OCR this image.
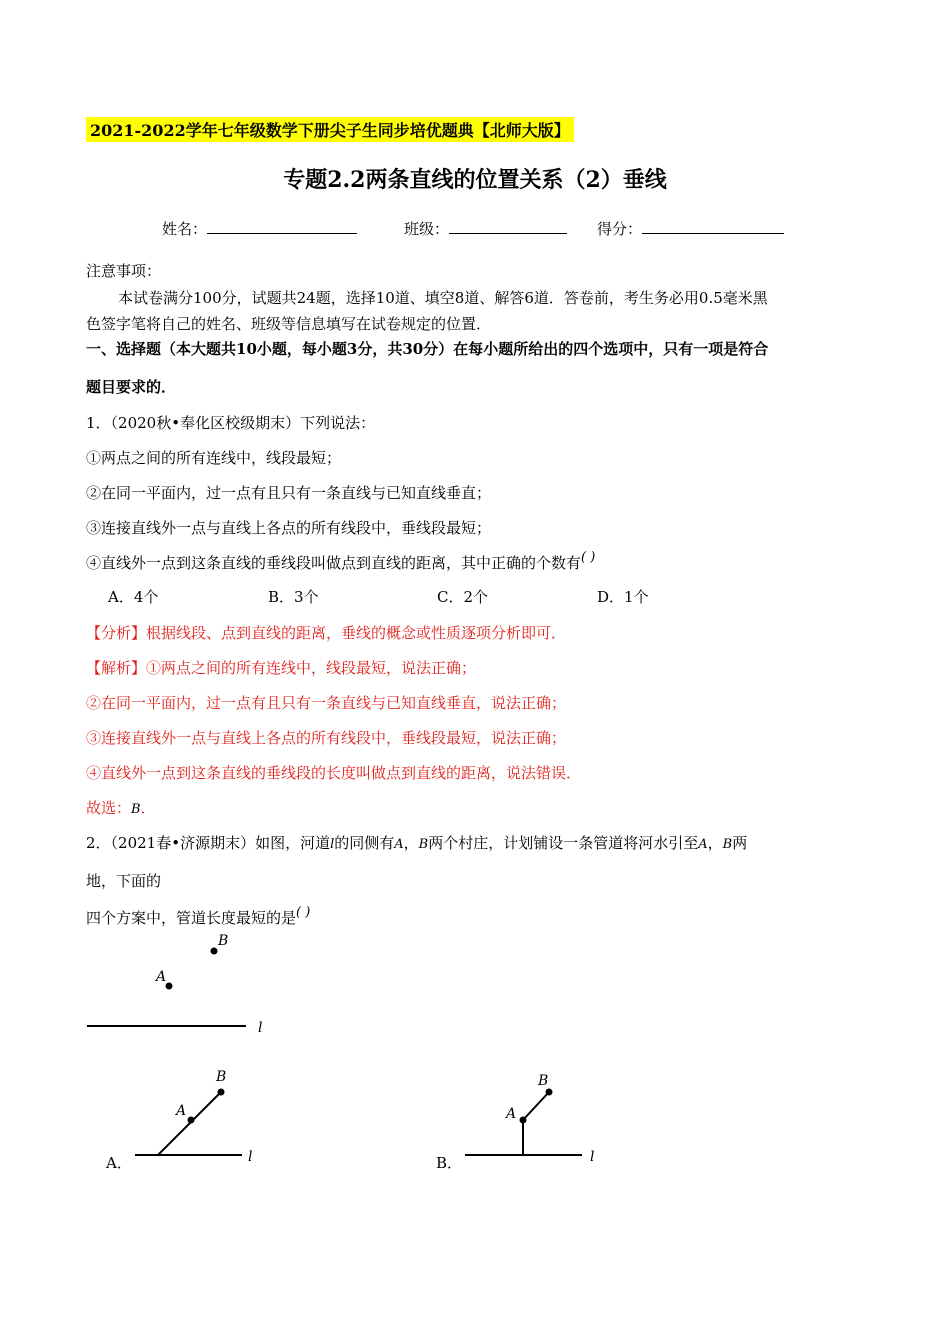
2021-2022学年七年级数学下册尖子生同步培优题典【北师大版】
专题2.2两条直线的位置关系（2）垂线
姓名：	班级：	得分：
注意事项：
本试卷满分100分，试题共24题，选择10道、填空8道、解答6道．答卷前，考生务必用0.5毫米黑
色签字笔将自己的姓名、班级等信息填写在试卷规定的位置．
一、选择题（本大题共10小题，每小题3分，共30分）在每小题所给出的四个选项中，只有一项是符合
题目要求的．
1．（2020秋•奉化区校级期末）下列说法：
①两点之间的所有连线中，线段最短；
②在同一平面内，过一点有且只有一条直线与已知直线垂直；
③连接直线外一点与直线上各点的所有线段中，垂线段最短；
④直线外一点到这条直线的垂线段叫做点到直线的距离，其中正确的个数有( )
A．4个	B．3个	C．2个	D．1个
【分析】根据线段、点到直线的距离，垂线的概念或性质逐项分析即可．
【解析】①两点之间的所有连线中，线段最短，说法正确；
②在同一平面内，过一点有且只有一条直线与已知直线垂直，说法正确；
③连接直线外一点与直线上各点的所有线段中，垂线段最短，说法正确；
④直线外一点到这条直线的垂线段的长度叫做点到直线的距离，说法错误．
故选：B．
2．（2021春•济源期末）如图，河道l的同侧有A，B两个村庄，计划铺设一条管道将河水引至A，B两
地，下面的
四个方案中，管道长度最短的是( )
B
A
l
A．
B
A
l	B．
A
B
l
